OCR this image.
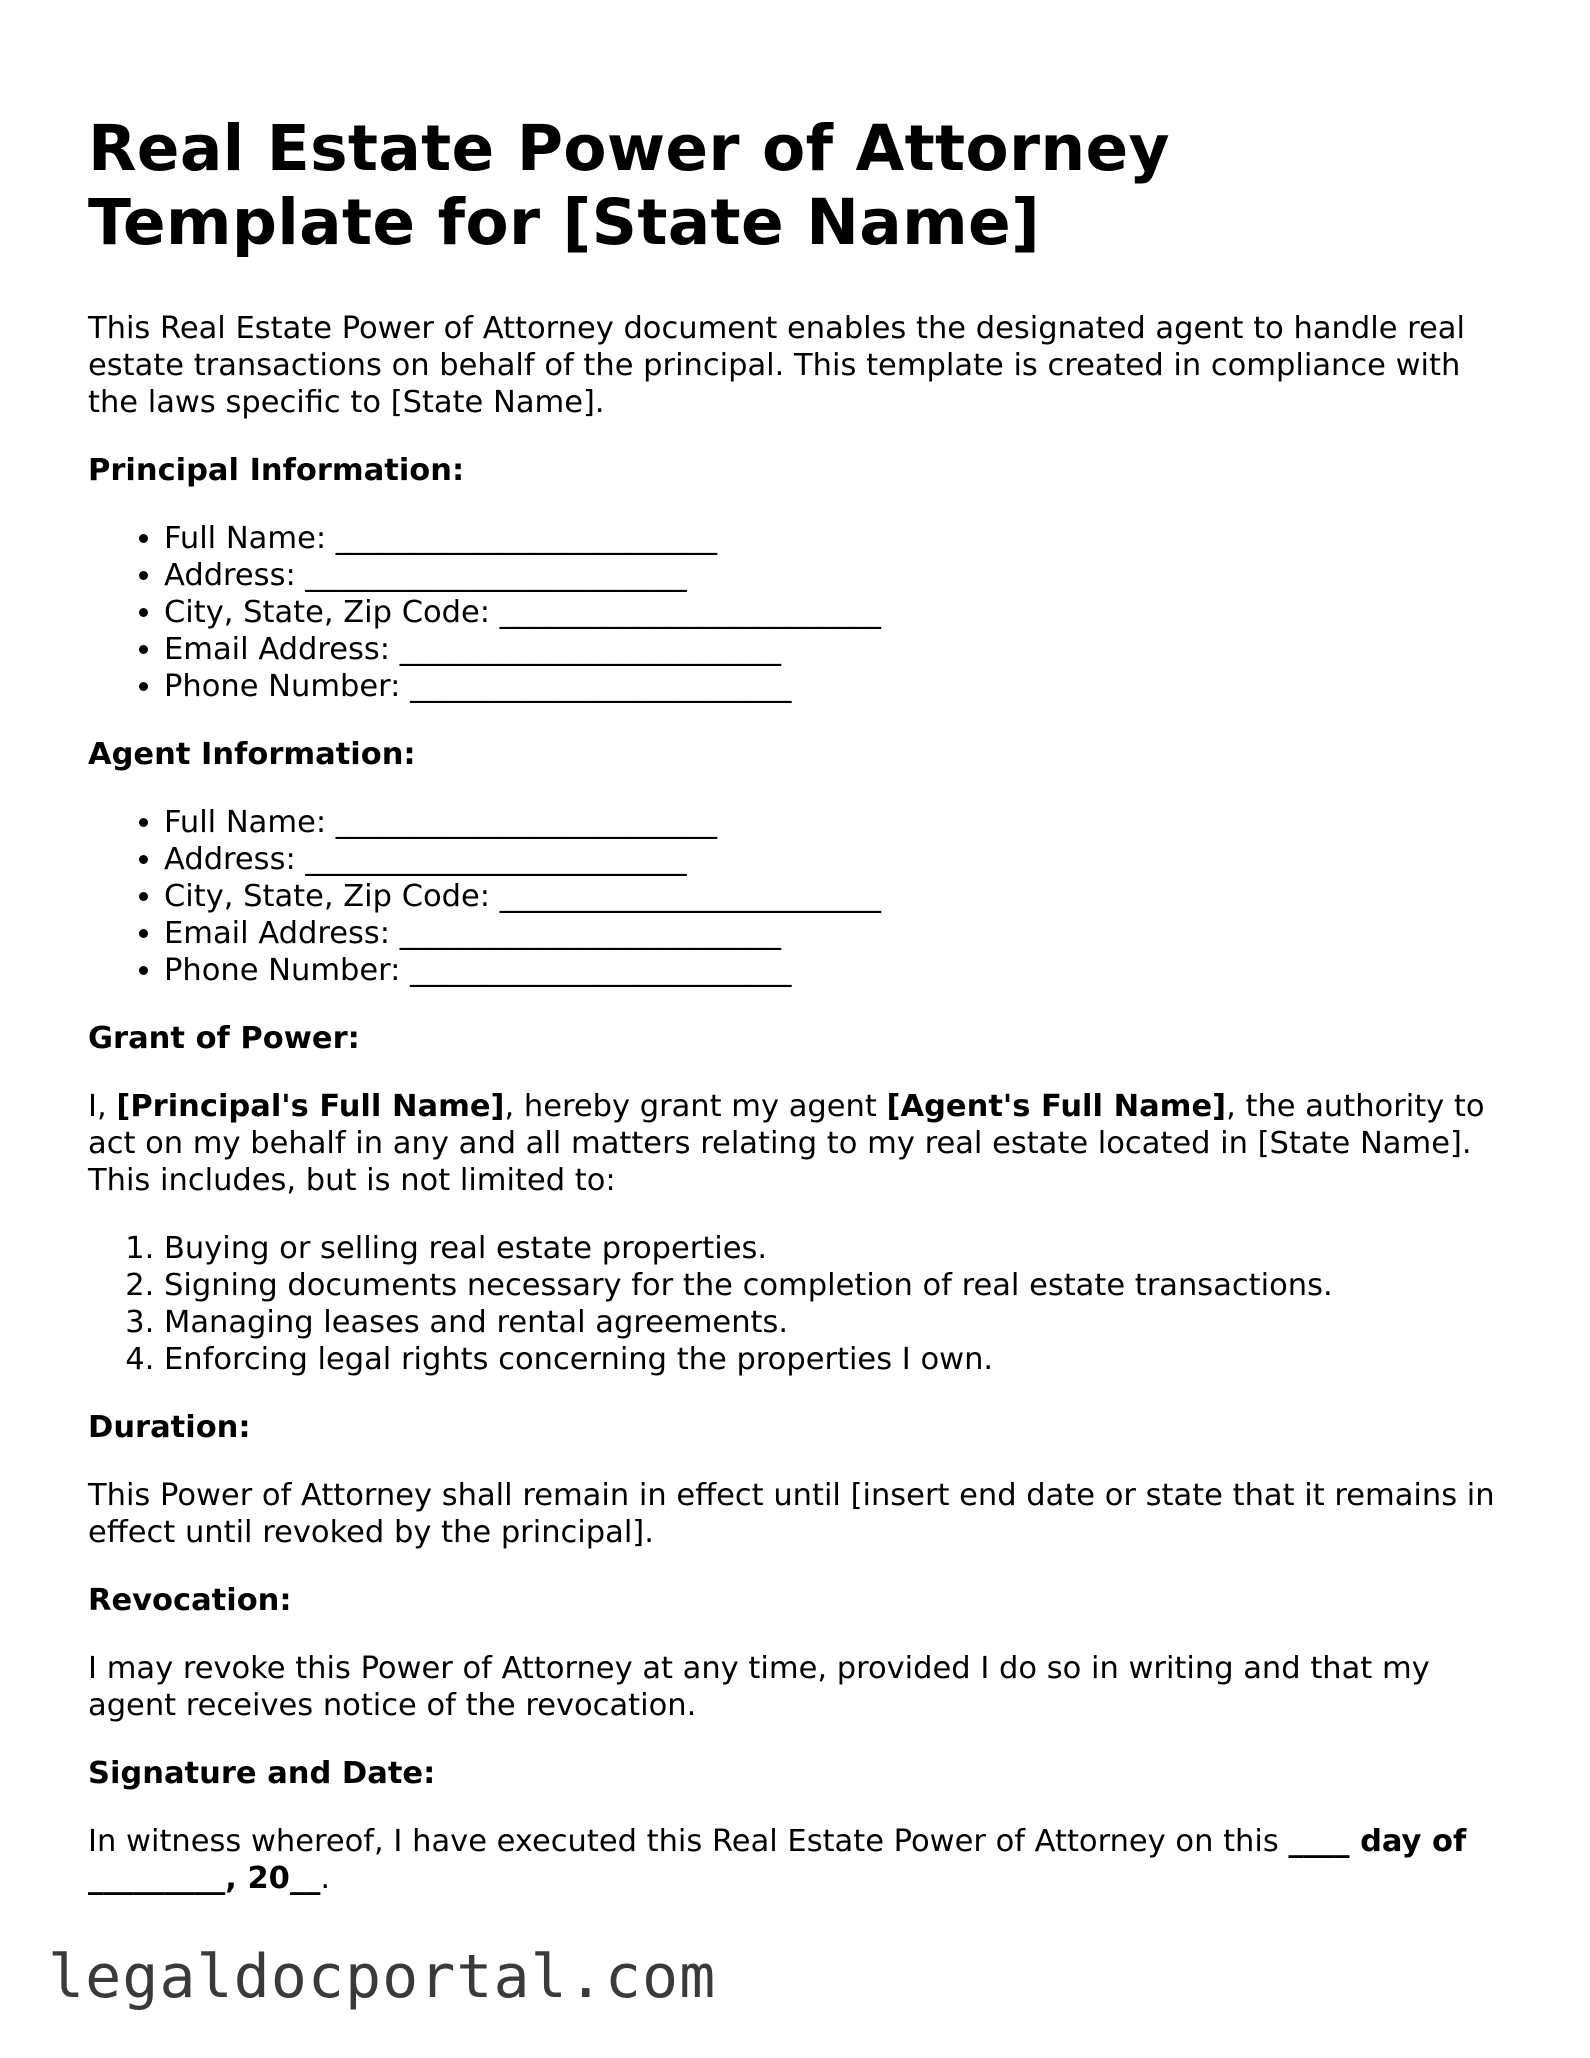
Real Estate Power of Attorney Template for [State Name]

This Real Estate Power of Attorney document enables the designated agent to handle real estate transactions on behalf of the principal. This template is created in compliance with the laws specific to [State Name].

Principal Information:
• Full Name: _________________________
• Address: _________________________
• City, State, Zip Code: _________________________
• Email Address: _________________________
• Phone Number: _________________________
Agent Information:
• Full Name: _________________________
• Address: _________________________
• City, State, Zip Code: _________________________
• Email Address: _________________________
• Phone Number: _________________________
Grant of Power:

I, [Principal's Full Name], hereby grant my agent [Agent's Full Name], the authority to act on my behalf in any and all matters relating to my real estate located in [State Name]. This includes, but is not limited to:

1. Buying or selling real estate properties.
2. Signing documents necessary for the completion of real estate transactions.
3. Managing leases and rental agreements.
4. Enforcing legal rights concerning the properties I own.
Duration:

This Power of Attorney shall remain in effect until [insert end date or state that it remains in effect until revoked by the principal].

Revocation:

I may revoke this Power of Attorney at any time, provided I do so in writing and that my agent receives notice of the revocation.

Signature and Date:

In witness whereof, I have executed this Real Estate Power of Attorney on this ____ day of _________, 20__.

legaldocportal.com
